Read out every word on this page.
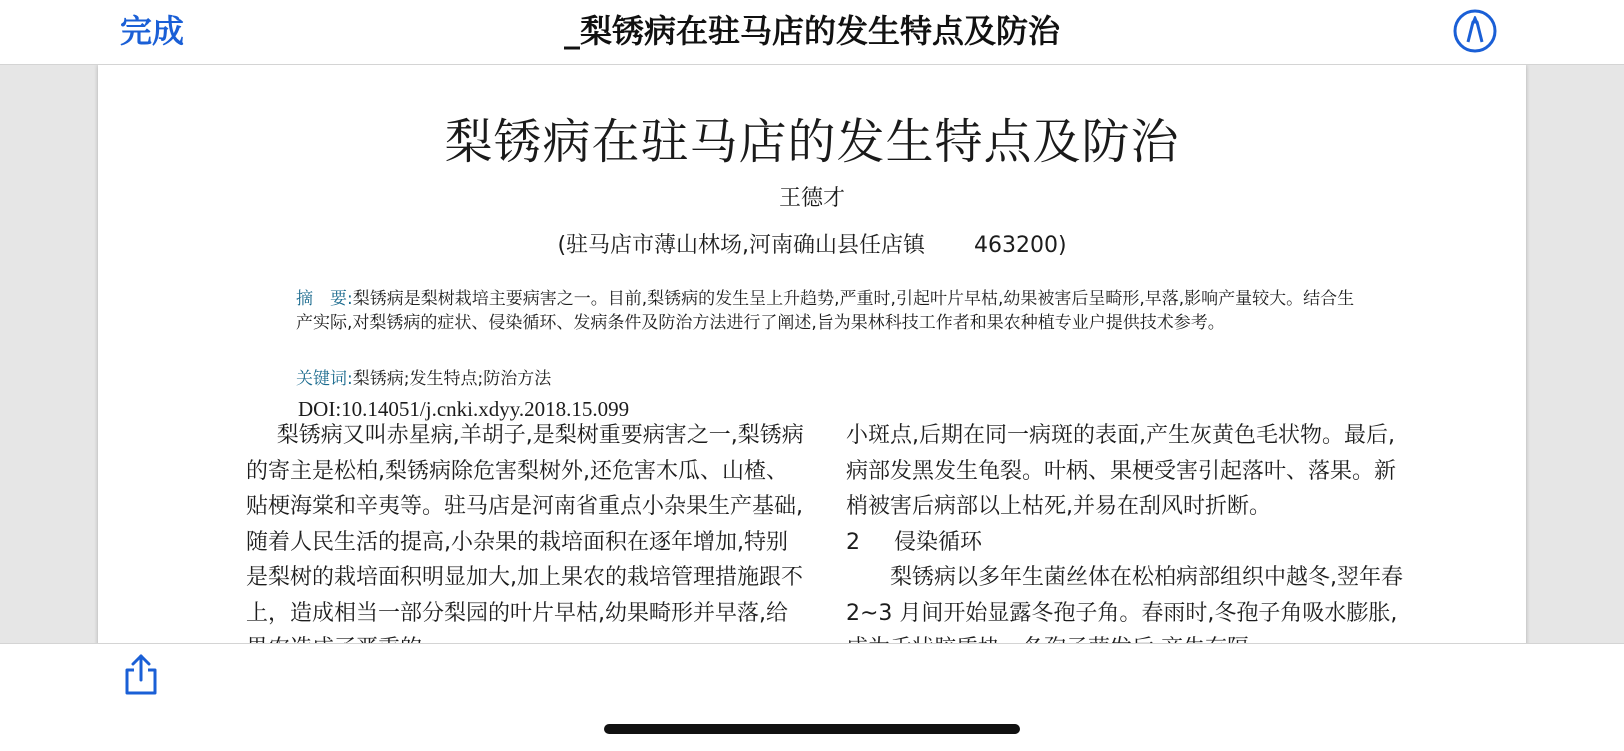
完成	_梨锈病在驻马店的发生特点及防治
梨锈病在驻马店的发生特点及防治
王德才
(驻马店市薄山林场,河南确山县任店镇       463200)
摘　要:梨锈病是梨树栽培主要病害之一。目前,梨锈病的发生呈上升趋势,严重时,引起叶片早枯,幼果被害后呈畸形,早落,影响产量较大。结合生产实际,对梨锈病的症状、侵染循环、发病条件及防治方法进行了阐述,旨为果林科技工作者和果农种植专业户提供技术参考。
关键词:梨锈病;发生特点;防治方法
DOI:10.14051/j.cnki.xdyy.2018.15.099

梨锈病又叫赤星病,羊胡子,是梨树重要病害之一,梨锈病的寄主是松柏,梨锈病除危害梨树外,还危害木瓜、山楂、贴梗海棠和辛夷等。驻马店是河南省重点小杂果生产基础,随着人民生活的提高,小杂果的栽培面积在逐年增加,特别是梨树的栽培面积明显加大,加上果农的栽培管理措施跟不上，造成相当一部分梨园的叶片早枯,幼果畸形并早落,给

小斑点,后期在同一病斑的表面,产生灰黄色毛状物。最后,病部发黑发生龟裂。叶柄、果梗受害引起落叶、落果。新梢被害后病部以上枯死,并易在刮风时折断。

2 侵染循环

梨锈病以多年生菌丝体在松柏病部组织中越冬,翌年春 2~3 月间开始显露冬孢子角。春雨时,冬孢子角吸水膨胀,
